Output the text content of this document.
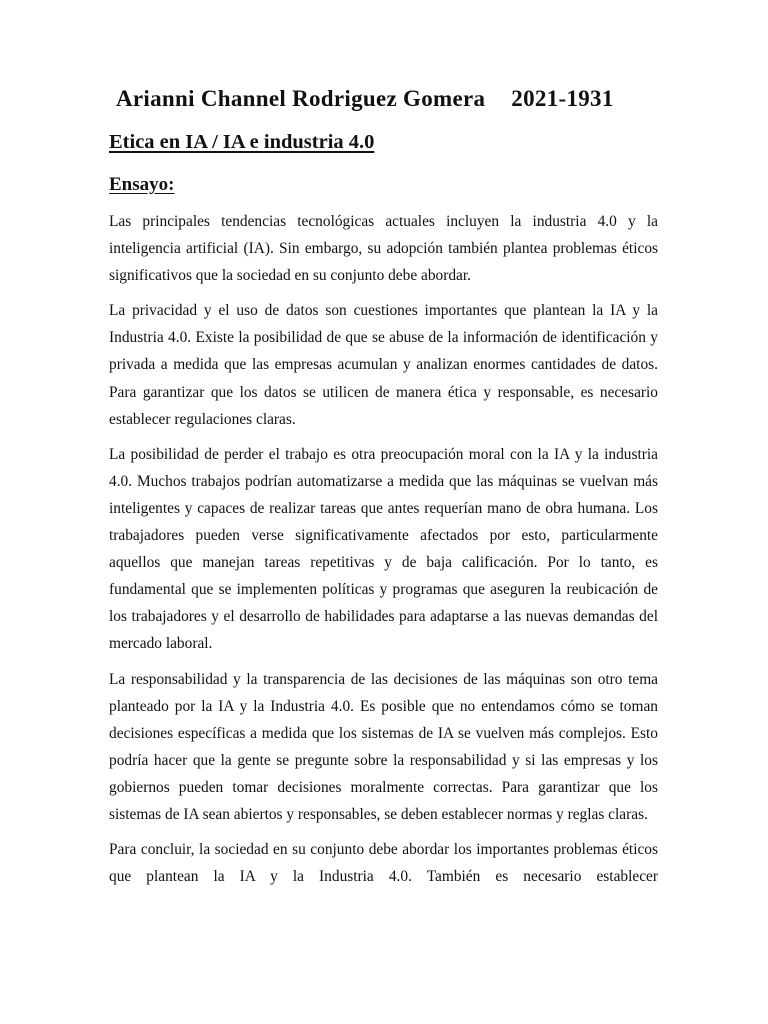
Arianni Channel Rodriguez Gomera 2021-1931
Etica en IA / IA e industria 4.0
Ensayo:

Las principales tendencias tecnológicas actuales incluyen la industria 4.0 y la inteligencia artificial (IA). Sin embargo, su adopción también plantea problemas éticos significativos que la sociedad en su conjunto debe abordar.

La privacidad y el uso de datos son cuestiones importantes que plantean la IA y la Industria 4.0. Existe la posibilidad de que se abuse de la información de identificación y privada a medida que las empresas acumulan y analizan enormes cantidades de datos. Para garantizar que los datos se utilicen de manera ética y responsable, es necesario establecer regulaciones claras.

La posibilidad de perder el trabajo es otra preocupación moral con la IA y la industria 4.0. Muchos trabajos podrían automatizarse a medida que las máquinas se vuelvan más inteligentes y capaces de realizar tareas que antes requerían mano de obra humana. Los trabajadores pueden verse significativamente afectados por esto, particularmente aquellos que manejan tareas repetitivas y de baja calificación. Por lo tanto, es fundamental que se implementen políticas y programas que aseguren la reubicación de los trabajadores y el desarrollo de habilidades para adaptarse a las nuevas demandas del mercado laboral.

La responsabilidad y la transparencia de las decisiones de las máquinas son otro tema planteado por la IA y la Industria 4.0. Es posible que no entendamos cómo se toman decisiones específicas a medida que los sistemas de IA se vuelven más complejos. Esto podría hacer que la gente se pregunte sobre la responsabilidad y si las empresas y los gobiernos pueden tomar decisiones moralmente correctas. Para garantizar que los sistemas de IA sean abiertos y responsables, se deben establecer normas y reglas claras.

Para concluir, la sociedad en su conjunto debe abordar los importantes problemas éticos que plantean la IA y la Industria 4.0. También es necesario establecer
